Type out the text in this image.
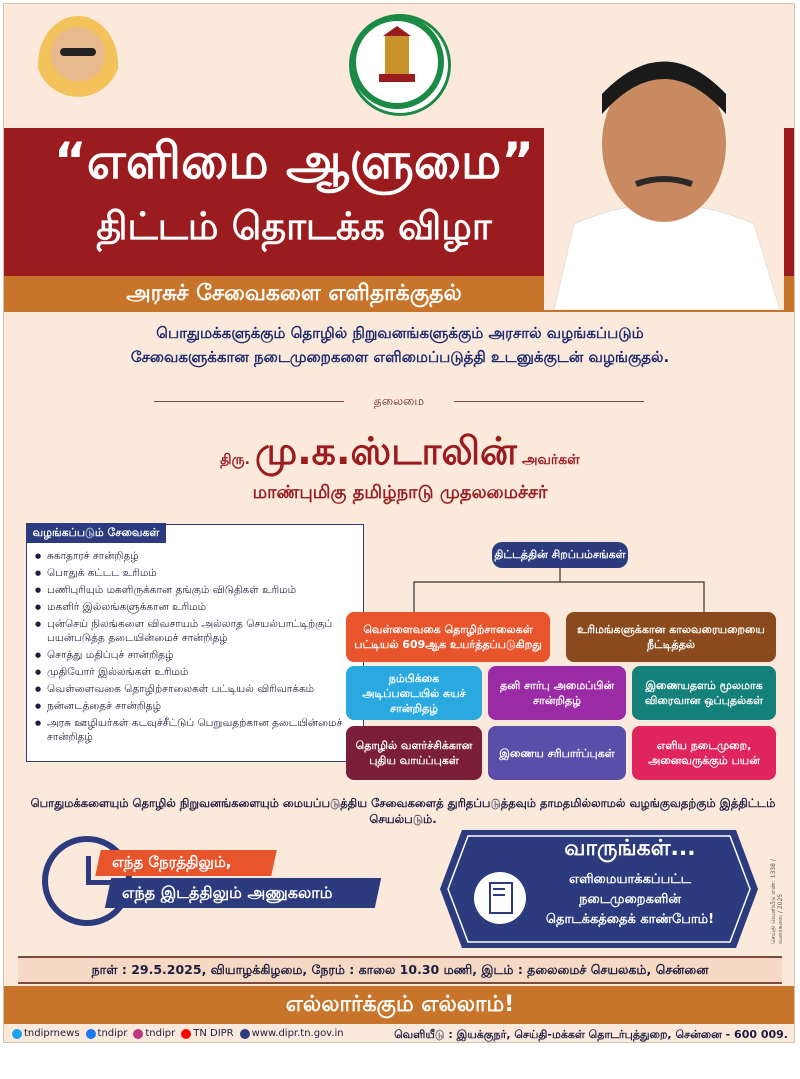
“எளிமை ஆளுமை”
திட்டம் தொடக்க விழா
அரசுச் சேவைகளை எளிதாக்குதல்
பொதுமக்களுக்கும் தொழில் நிறுவனங்களுக்கும் அரசால் வழங்கப்படும்
சேவைகளுக்கான நடைமுறைகளை எளிமைப்படுத்தி உடனுக்குடன் வழங்குதல்.
தலைமை
திரு. மு.க.ஸ்டாலின் அவர்கள்
மாண்புமிகு தமிழ்நாடு முதலமைச்சர்
● சுகாதாரச் சான்றிதழ்
● பொதுக் கட்டட உரிமம்
● பணிபுரியும் மகளிருக்கான தங்கும் விடுதிகள் உரிமம்
● மகளிர் இல்லங்களுக்கான உரிமம்
● புன்செய் நிலங்களை விவசாயம் அல்லாத செயல்பாட்டிற்குப் பயன்படுத்த தடையின்மைச் சான்றிதழ்
● சொத்து மதிப்புச் சான்றிதழ்
● முதியோர் இல்லங்கள் உரிமம்
● வெள்ளைவகை தொழிற்சாலைகள் பட்டியல் விரிவாக்கம்
● நன்னடத்தைச் சான்றிதழ்
● அரசு ஊழியர்கள் கடவுச்சீட்டுப் பெறுவதற்கான தடையின்மைச் சான்றிதழ்
வழங்கப்படும் சேவைகள்
திட்டத்தின் சிறப்பம்சங்கள்
வெள்ளைவகை தொழிற்சாலைகள் பட்டியல் 609ஆக உயர்த்தப்படுகிறது
உரிமங்களுக்கான காலவரையறையை நீட்டித்தல்
நம்பிக்கை அடிப்படையில் சுயச் சான்றிதழ்
தனி சார்பு அமைப்பின் சான்றிதழ்
இணையதளம் மூலமாக விரைவான ஒப்புதல்கள்
தொழில் வளர்ச்சிக்கான புதிய வாய்ப்புகள்
இணைய சரிபார்ப்புகள்
எளிய நடைமுறை, அனைவருக்கும் பயன்
பொதுமக்களையும் தொழில் நிறுவனங்களையும் மையப்படுத்திய சேவைகளைத் துரிதப்படுத்தவும் தாமதமில்லாமல் வழங்குவதற்கும் இத்திட்டம் செயல்படும்.
எந்த நேரத்திலும்,
எந்த இடத்திலும் அணுகலாம்
வாருங்கள்...
எளிமையாக்கப்பட்ட
நடைமுறைகளின்
தொடக்கத்தைக் காண்போம்!	செய்தி வெளியீடு எண்: 1338 / வரைகலை / 2025
நாள் : 29.5.2025, வியாழக்கிழமை, நேரம் : காலை 10.30 மணி, இடம் : தலைமைச் செயலகம், சென்னை
எல்லார்க்கும் எல்லாம்!
tndiprnews tndipr tndipr TN DIPR www.dipr.tn.gov.in	வெளியீடு : இயக்குநர், செய்தி-மக்கள் தொடர்புத்துறை, சென்னை - 600 009.
